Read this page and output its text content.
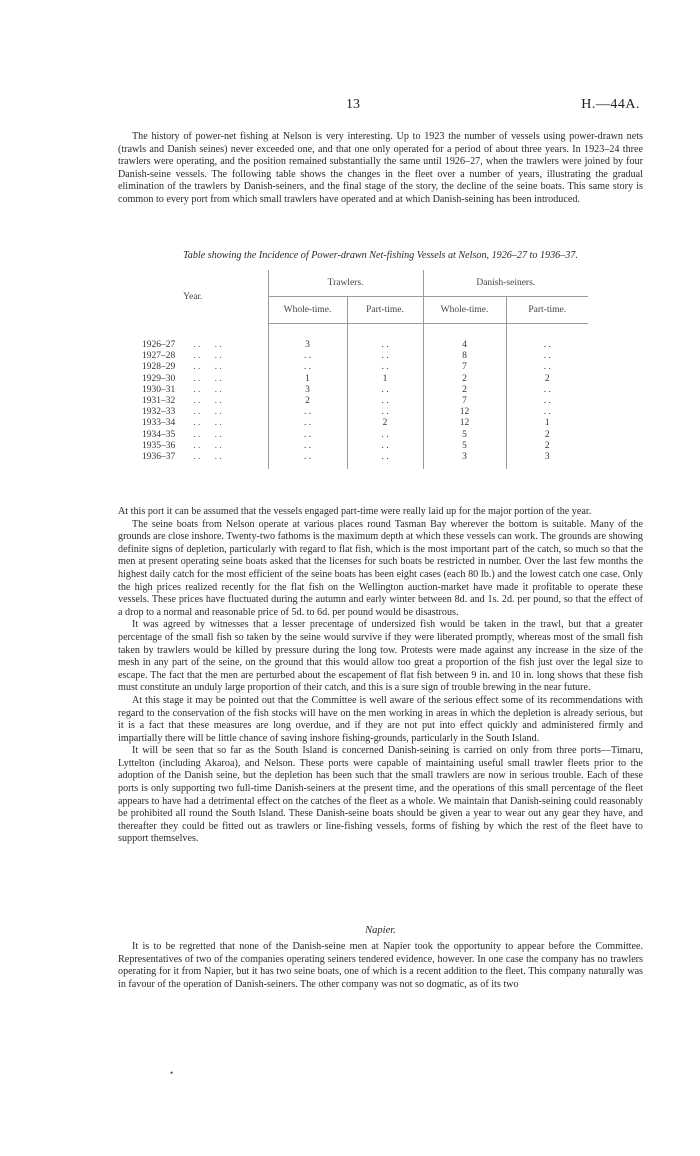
13	H.—44A.

The history of power-net fishing at Nelson is very interesting. Up to 1923 the number of vessels using power-drawn nets (trawls and Danish seines) never exceeded one, and that one only operated for a period of about three years. In 1923–24 three trawlers were operating, and the position remained substantially the same until 1926–27, when the trawlers were joined by four Danish-seine vessels. The following table shows the changes in the fleet over a number of years, illustrating the gradual elimination of the trawlers by Danish-seiners, and the final stage of the story, the decline of the seine boats. This same story is common to every port from which small trawlers have operated and at which Danish-seining has been introduced.

Table showing the Incidence of Power-drawn Net-fishing Vessels at Nelson, 1926–27 to 1936–37.
Year.	Trawlers.		Danish-seiners.	
	Whole-time.	Part-time.	Whole-time.	Part-time.
1926–27 . .      . .	3	. .	4	. .
1927–28 . .      . .	. .	. .	8	. .
1928–29 . .      . .	. .	. .	7	. .
1929–30 . .      . .	1	1	2	2
1930–31 . .      . .	3	. .	2	. .
1931–32 . .      . .	2	. .	7	. .
1932–33 . .      . .	. .	. .	12	. .
1933–34 . .      . .	. .	2	12	1
1934–35 . .      . .	. .	. .	5	2
1935–36 . .      . .	. .	. .	5	2
1936–37 . .      . .	. .	. .	3	3

At this port it can be assumed that the vessels engaged part-time were really laid up for the major portion of the year.

The seine boats from Nelson operate at various places round Tasman Bay wherever the bottom is suitable. Many of the grounds are close inshore. Twenty-two fathoms is the maximum depth at which these vessels can work. The grounds are showing definite signs of depletion, particularly with regard to flat fish, which is the most important part of the catch, so much so that the men at present operating seine boats asked that the licenses for such boats be restricted in number. Over the last few months the highest daily catch for the most efficient of the seine boats has been eight cases (each 80 lb.) and the lowest catch one case. Only the high prices realized recently for the flat fish on the Wellington auction-market have made it profitable to operate these vessels. These prices have fluctuated during the autumn and early winter between 8d. and 1s. 2d. per pound, so that the effect of a drop to a normal and reasonable price of 5d. to 6d. per pound would be disastrous.

It was agreed by witnesses that a lesser precentage of undersized fish would be taken in the trawl, but that a greater percentage of the small fish so taken by the seine would survive if they were liberated promptly, whereas most of the small fish taken by trawlers would be killed by pressure during the long tow. Protests were made against any increase in the size of the mesh in any part of the seine, on the ground that this would allow too great a proportion of the fish just over the legal size to escape. The fact that the men are perturbed about the escapement of flat fish between 9 in. and 10 in. long shows that these fish must constitute an unduly large proportion of their catch, and this is a sure sign of trouble brewing in the near future.

At this stage it may be pointed out that the Committee is well aware of the serious effect some of its recommendations with regard to the conservation of the fish stocks will have on the men working in areas in which the depletion is already serious, but it is a fact that these measures are long overdue, and if they are not put into effect quickly and administered firmly and impartially there will be little chance of saving inshore fishing-grounds, particularly in the South Island.

It will be seen that so far as the South Island is concerned Danish-seining is carried on only from three ports—Timaru, Lyttelton (including Akaroa), and Nelson. These ports were capable of maintaining useful small trawler fleets prior to the adoption of the Danish seine, but the depletion has been such that the small trawlers are now in serious trouble. Each of these ports is only supporting two full-time Danish-seiners at the present time, and the operations of this small percentage of the fleet appears to have had a detrimental effect on the catches of the fleet as a whole. We maintain that Danish-seining could reasonably be prohibited all round the South Island. These Danish-seine boats should be given a year to wear out any gear they have, and thereafter they could be fitted out as trawlers or line-fishing vessels, forms of fishing by which the rest of the fleet have to support themselves.

Napier.

It is to be regretted that none of the Danish-seine men at Napier took the opportunity to appear before the Committee. Representatives of two of the companies operating seiners tendered evidence, however. In one case the company has no trawlers operating for it from Napier, but it has two seine boats, one of which is a recent addition to the fleet. This company naturally was in favour of the operation of Danish-seiners. The other company was not so dogmatic, as of its two

•
